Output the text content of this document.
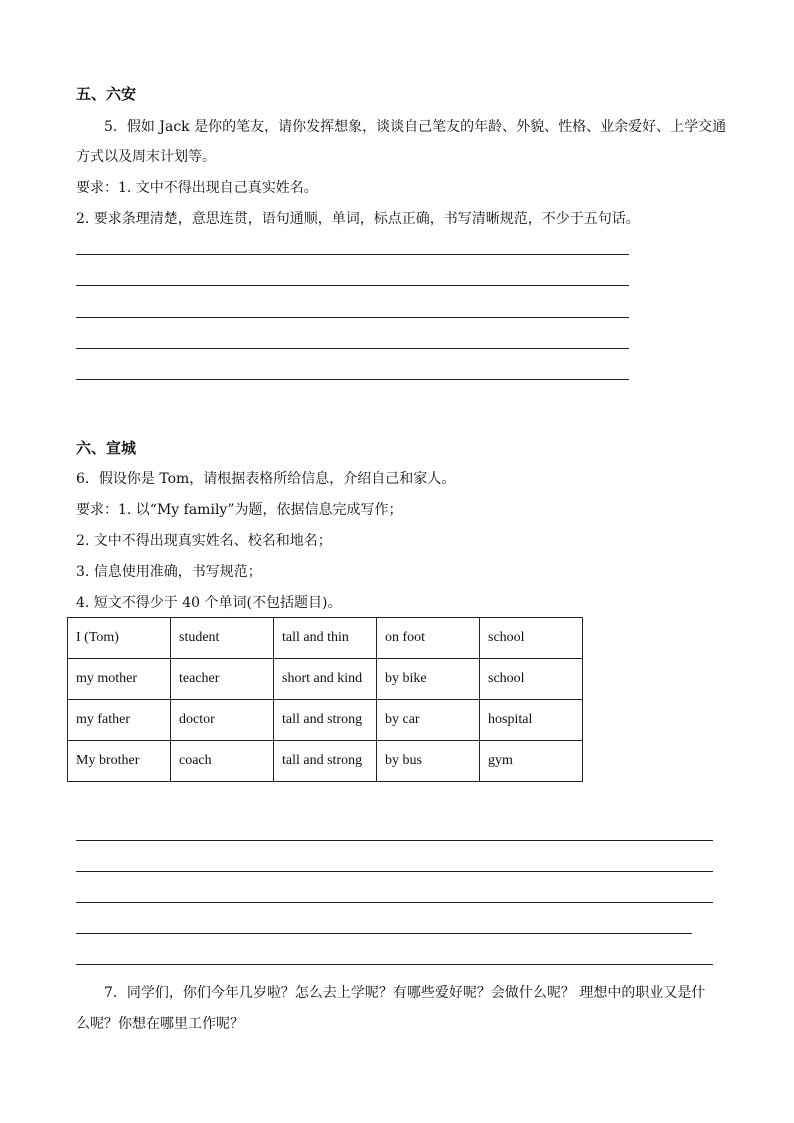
五、六安
5．假如 Jack 是你的笔友，请你发挥想象，谈谈自己笔友的年龄、外貌、性格、业余爱好、上学交通
方式以及周末计划等。
要求：1. 文中不得出现自己真实姓名。
2. 要求条理清楚，意思连贯，语句通顺，单词，标点正确，书写清晰规范，不少于五句话。
六、宣城
6．假设你是 Tom，请根据表格所给信息，介绍自己和家人。
要求：1. 以“My family”为题，依据信息完成写作；
2. 文中不得出现真实姓名、校名和地名；
3. 信息使用准确，书写规范；
4. 短文不得少于 40 个单词(不包括题目)。
I (Tom)	student	tall and thin	on foot	school
my mother	teacher	short and kind	by bike	school
my father	doctor	tall and strong	by car	hospital
My brother	coach	tall and strong	by bus	gym
7．同学们，你们今年几岁啦？怎么去上学呢？有哪些爱好呢？会做什么呢？ 理想中的职业又是什
么呢？你想在哪里工作呢？
